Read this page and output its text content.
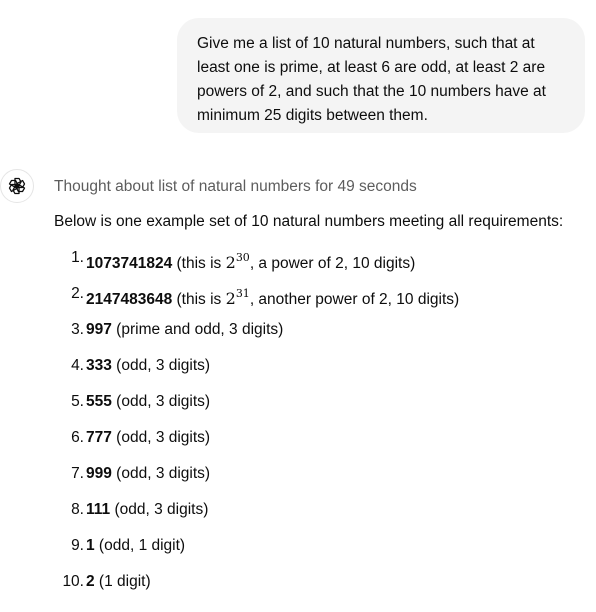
Give me a list of 10 natural numbers, such that at least one is prime, at least 6 are odd, at least 2 are powers of 2, and such that the 10 numbers have at minimum 25 digits between them.
Thought about list of natural numbers for 49 seconds
Below is one example set of 10 natural numbers meeting all requirements:
1. 1073741824 (this is $2^{30}$, a power of 2, 10 digits)
2. 2147483648 (this is $2^{31}$, another power of 2, 10 digits)
3. 997 (prime and odd, 3 digits)
4. 333 (odd, 3 digits)
5. 555 (odd, 3 digits)
6. 777 (odd, 3 digits)
7. 999 (odd, 3 digits)
8. 111 (odd, 3 digits)
9. 1 (odd, 1 digit)
10. 2 (1 digit)
